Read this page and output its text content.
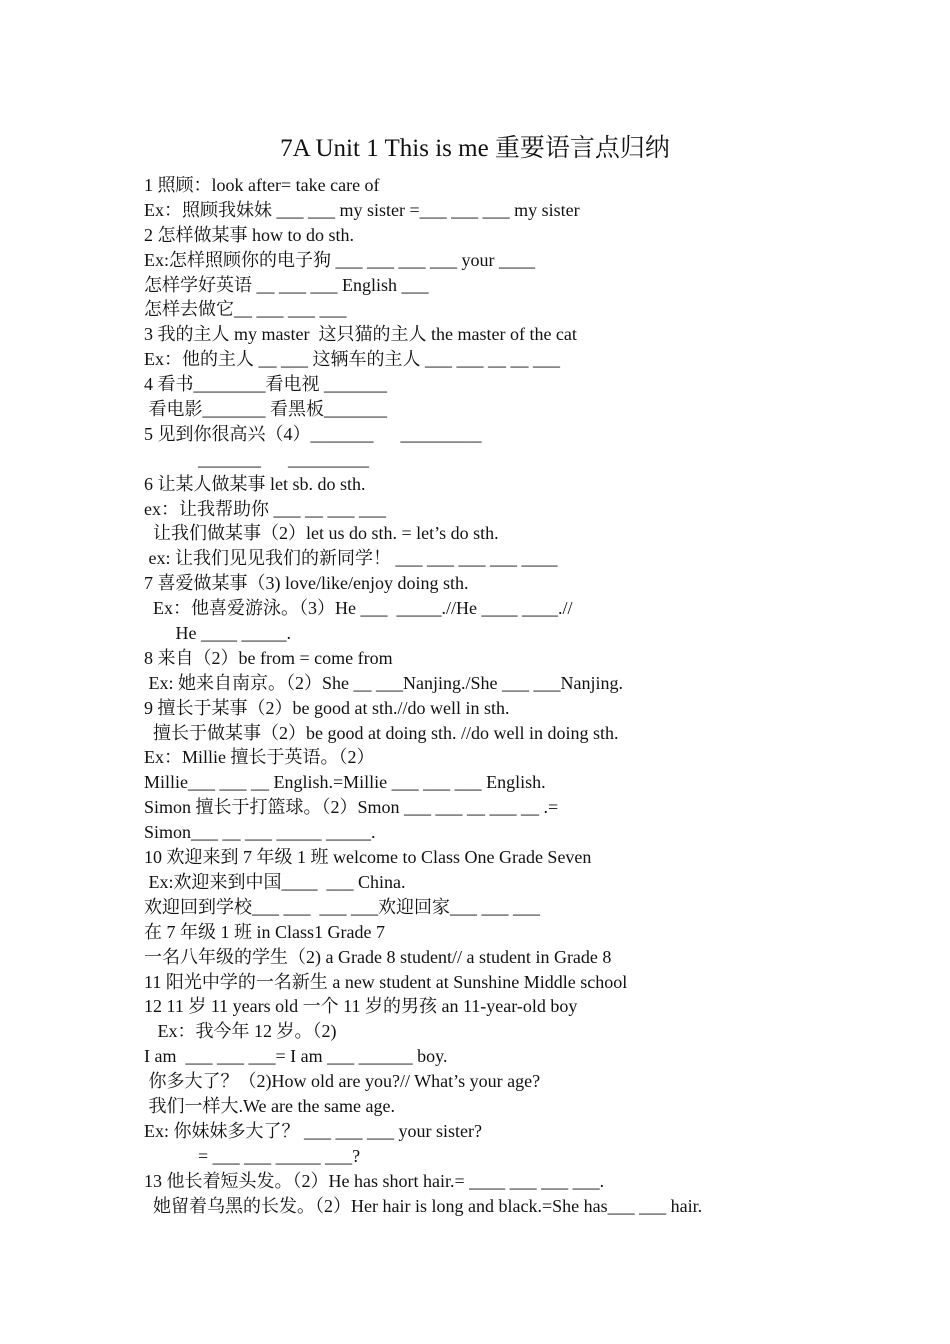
7A Unit 1 This is me 重要语言点归纳
1 照顾：look after= take care of
Ex：照顾我妹妹 ___ ___ my sister =___ ___ ___ my sister
2 怎样做某事 how to do sth.
Ex:怎样照顾你的电子狗 ___ ___ ___ ___ your ____
怎样学好英语 __ ___ ___ English ___
怎样去做它__ ___ ___ ___
3 我的主人 my master  这只猫的主人 the master of the cat
Ex：他的主人 __ ___ 这辆车的主人 ___ ___ __ __ ___
4 看书________看电视 _______
看电影_______ 看黑板_______
5 见到你很高兴（4）_______      _________
_______      _________
6 让某人做某事 let sb. do sth.
ex：让我帮助你 ___ __ ___ ___
让我们做某事（2）let us do sth. = let’s do sth.
ex: 让我们见见我们的新同学！ ___ ___ ___ ___ ____
7 喜爱做某事（3) love/like/enjoy doing sth.
Ex：他喜爱游泳。（3）He ___  _____.//He ____ ____.//
He ____ _____.
8 来自（2）be from = come from
Ex: 她来自南京。（2）She __ ___Nanjing./She ___ ___Nanjing.
9 擅长于某事（2）be good at sth.//do well in sth.
擅长于做某事（2）be good at doing sth. //do well in doing sth.
Ex：Millie 擅长于英语。（2）
Millie___ ___ __ English.=Millie ___ ___ ___ English.
Simon 擅长于打篮球。（2）Smon ___ ___ __ ___ __ .=
Simon___ __ ___ _____ _____.
10 欢迎来到 7 年级 1 班 welcome to Class One Grade Seven
Ex:欢迎来到中国____  ___ China.
欢迎回到学校___ ___  ___ ___欢迎回家___ ___ ___
在 7 年级 1 班 in Class1 Grade 7
一名八年级的学生（2) a Grade 8 student// a student in Grade 8
11 阳光中学的一名新生 a new student at Sunshine Middle school
12 11 岁 11 years old 一个 11 岁的男孩 an 11-year-old boy
Ex：我今年 12 岁。（2)
I am  ___ ___ ___= I am ___ ______ boy.
你多大了？（2)How old are you?// What’s your age?
我们一样大.We are the same age.
Ex: 你妹妹多大了？ ___ ___ ___ your sister?
= ___ ___ _____ ___?
13 他长着短头发。（2）He has short hair.= ____ ___ ___ ___.
她留着乌黑的长发。（2）Her hair is long and black.=She has___ ___ hair.
